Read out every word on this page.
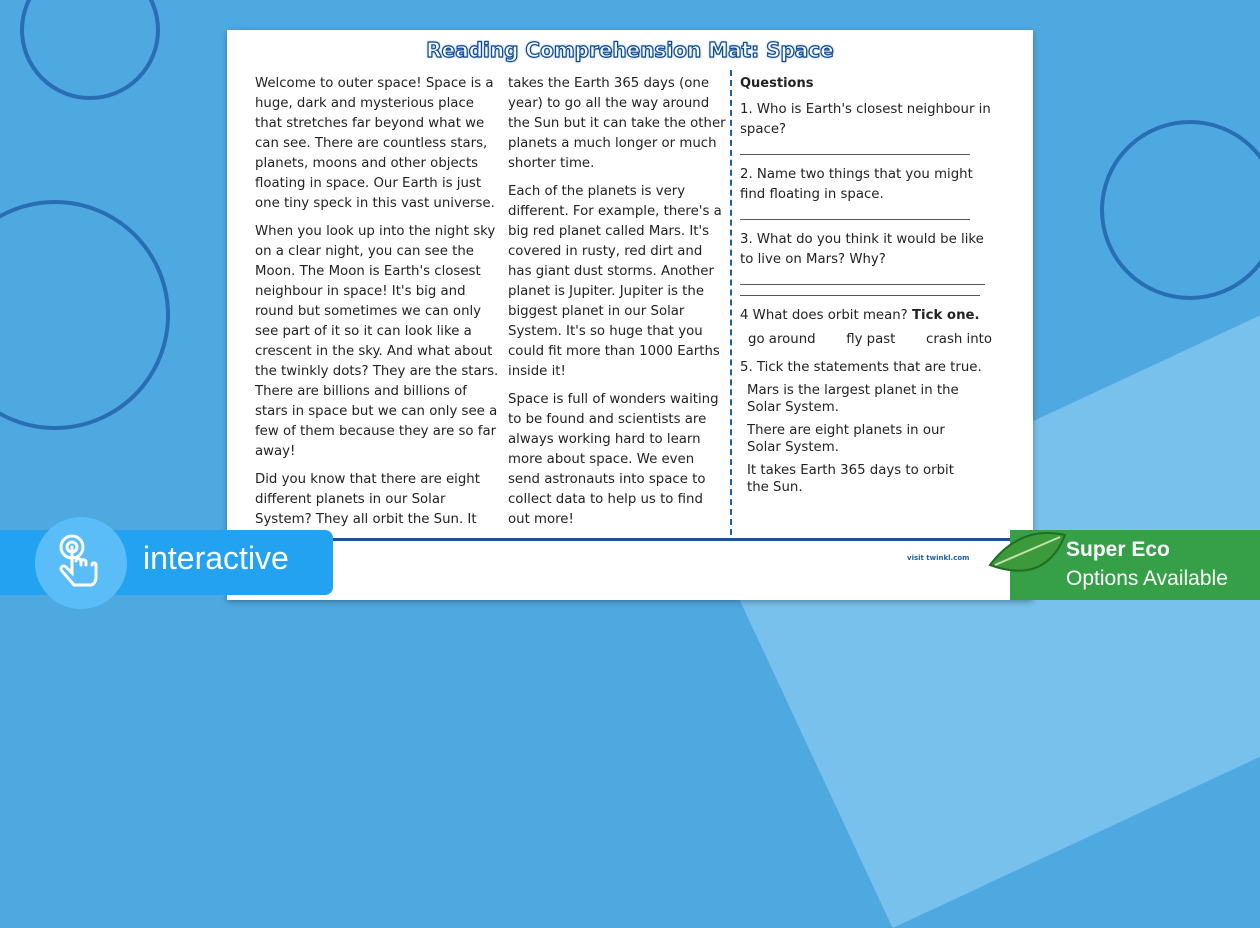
Reading Comprehension Mat: Space

Welcome to outer space! Space is a huge, dark and mysterious place that stretches far beyond what we can see. There are countless stars, planets, moons and other objects floating in space. Our Earth is just one tiny speck in this vast universe.

When you look up into the night sky on a clear night, you can see the Moon. The Moon is Earth's closest neighbour in space! It's big and round but sometimes we can only see part of it so it can look like a crescent in the sky. And what about the twinkly dots? They are the stars. There are billions and billions of stars in space but we can only see a few of them because they are so far away!

Did you know that there are eight different planets in our Solar System? They all orbit the Sun. It

takes the Earth 365 days (one year) to go all the way around the Sun but it can take the other planets a much longer or much shorter time.

Each of the planets is very different. For example, there's a big red planet called Mars. It's covered in rusty, red dirt and has giant dust storms. Another planet is Jupiter. Jupiter is the biggest planet in our Solar System. It's so huge that you could fit more than 1000 Earths inside it!

Space is full of wonders waiting to be found and scientists are always working hard to learn more about space. We even send astronauts into space to collect data to help us to find out more!

Questions
1. Who is Earth's closest neighbour in space?
2. Name two things that you might find floating in space.
3. What do you think it would be like to live on Mars? Why?
4 What does orbit mean? Tick one.
go around fly past crash into
5. Tick the statements that are true.
Mars is the largest planet in the Solar System.
There are eight planets in our Solar System.
It takes Earth 365 days to orbit the Sun.
visit twinkl.com
interactive	Super Eco
Options Available
